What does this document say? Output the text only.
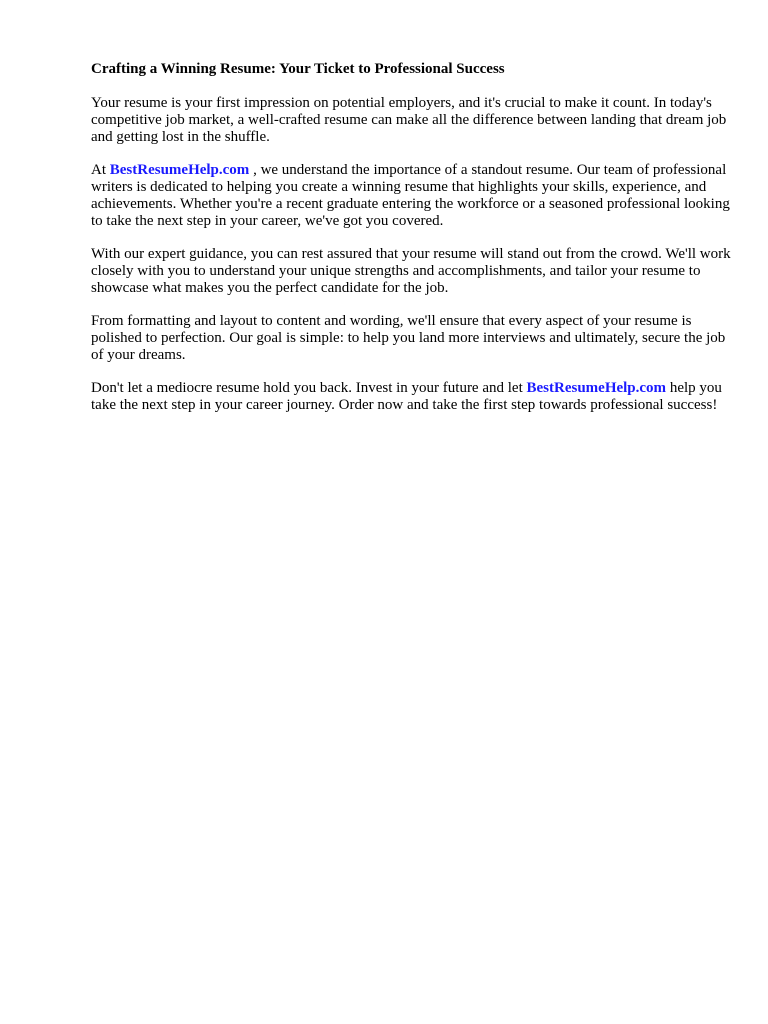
Crafting a Winning Resume: Your Ticket to Professional Success

Your resume is your first impression on potential employers, and it's crucial to make it count. In today's competitive job market, a well-crafted resume can make all the difference between landing that dream job and getting lost in the shuffle.

At BestResumeHelp.com , we understand the importance of a standout resume. Our team of professional writers is dedicated to helping you create a winning resume that highlights your skills, experience, and achievements. Whether you're a recent graduate entering the workforce or a seasoned professional looking to take the next step in your career, we've got you covered.

With our expert guidance, you can rest assured that your resume will stand out from the crowd. We'll work closely with you to understand your unique strengths and accomplishments, and tailor your resume to showcase what makes you the perfect candidate for the job.

From formatting and layout to content and wording, we'll ensure that every aspect of your resume is polished to perfection. Our goal is simple: to help you land more interviews and ultimately, secure the job of your dreams.

Don't let a mediocre resume hold you back. Invest in your future and let BestResumeHelp.com help you take the next step in your career journey. Order now and take the first step towards professional success!
